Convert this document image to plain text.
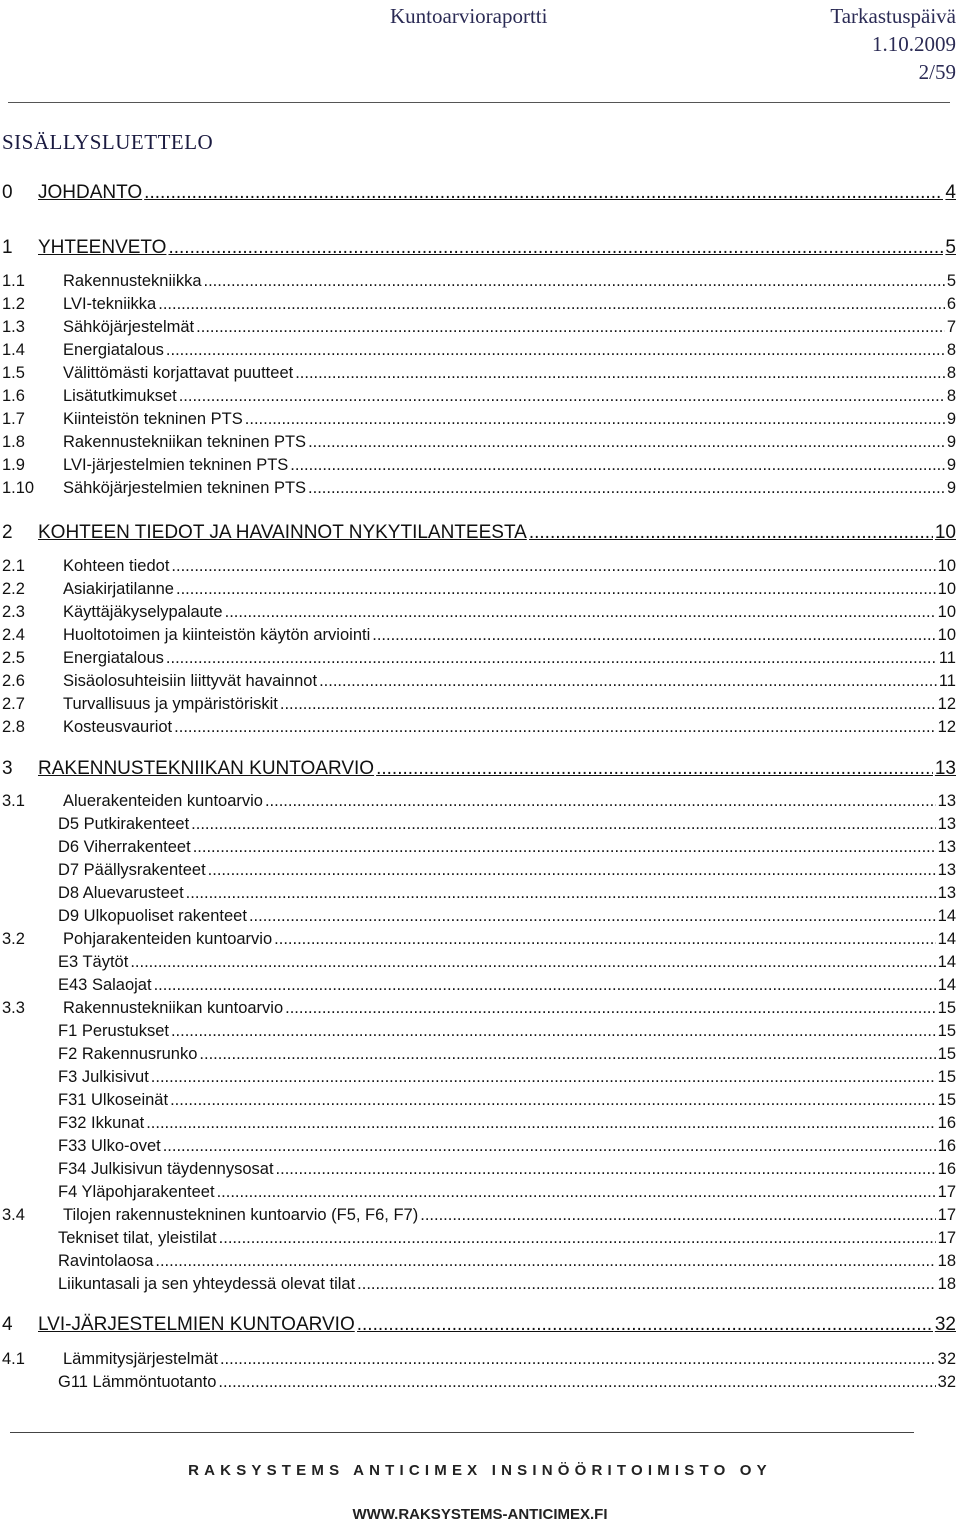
Kuntoarvioraportti	Tarkastuspäivä
1.10.2009
2/59
SISÄLLYSLUETTELO
0 JOHDANTO .....	4
1 YHTEENVETO .....	5
1.1 Rakennustekniikka .....	5
1.2 LVI-tekniikka .....	6
1.3 Sähköjärjestelmät .....	7
1.4 Energiatalous .....	8
1.5 Välittömästi korjattavat puutteet .....	8
1.6 Lisätutkimukset .....	8
1.7 Kiinteistön tekninen PTS .....	9
1.8 Rakennustekniikan tekninen PTS .....	9
1.9 LVI-järjestelmien tekninen PTS .....	9
1.10 Sähköjärjestelmien tekninen PTS .....	9
2 KOHTEEN TIEDOT JA HAVAINNOT NYKYTILANTEESTA .....	10
2.1 Kohteen tiedot .....	10
2.2 Asiakirjatilanne .....	10
2.3 Käyttäjäkyselypalaute .....	10
2.4 Huoltotoimen ja kiinteistön käytön arviointi .....	10
2.5 Energiatalous .....	11
2.6 Sisäolosuhteisiin liittyvät havainnot .....	11
2.7 Turvallisuus ja ympäristöriskit .....	12
2.8 Kosteusvauriot .....	12
3 RAKENNUSTEKNIIKAN KUNTOARVIO .....	13
3.1 Aluerakenteiden kuntoarvio .....	13
D5 Putkirakenteet .....	13
D6 Viherrakenteet .....	13
D7 Päällysrakenteet .....	13
D8 Aluevarusteet .....	13
D9 Ulkopuoliset rakenteet .....	14
3.2 Pohjarakenteiden kuntoarvio .....	14
E3 Täytöt .....	14
E43 Salaojat .....	14
3.3 Rakennustekniikan kuntoarvio .....	15
F1 Perustukset .....	15
F2 Rakennusrunko .....	15
F3 Julkisivut .....	15
F31 Ulkoseinät .....	15
F32 Ikkunat .....	16
F33 Ulko-ovet .....	16
F34 Julkisivun täydennysosat .....	16
F4 Yläpohjarakenteet .....	17
3.4 Tilojen rakennustekninen kuntoarvio (F5, F6, F7) .....	17
Tekniset tilat, yleistilat .....	17
Ravintolaosa .....	18
Liikuntasali ja sen yhteydessä olevat tilat .....	18
4 LVI-JÄRJESTELMIEN KUNTOARVIO .....	32
4.1 Lämmitysjärjestelmät .....	32
G11 Lämmöntuotanto .....	32
RAKSYSTEMS ANTICIMEX INSINÖÖRITOIMISTO OY
WWW.RAKSYSTEMS-ANTICIMEX.FI
